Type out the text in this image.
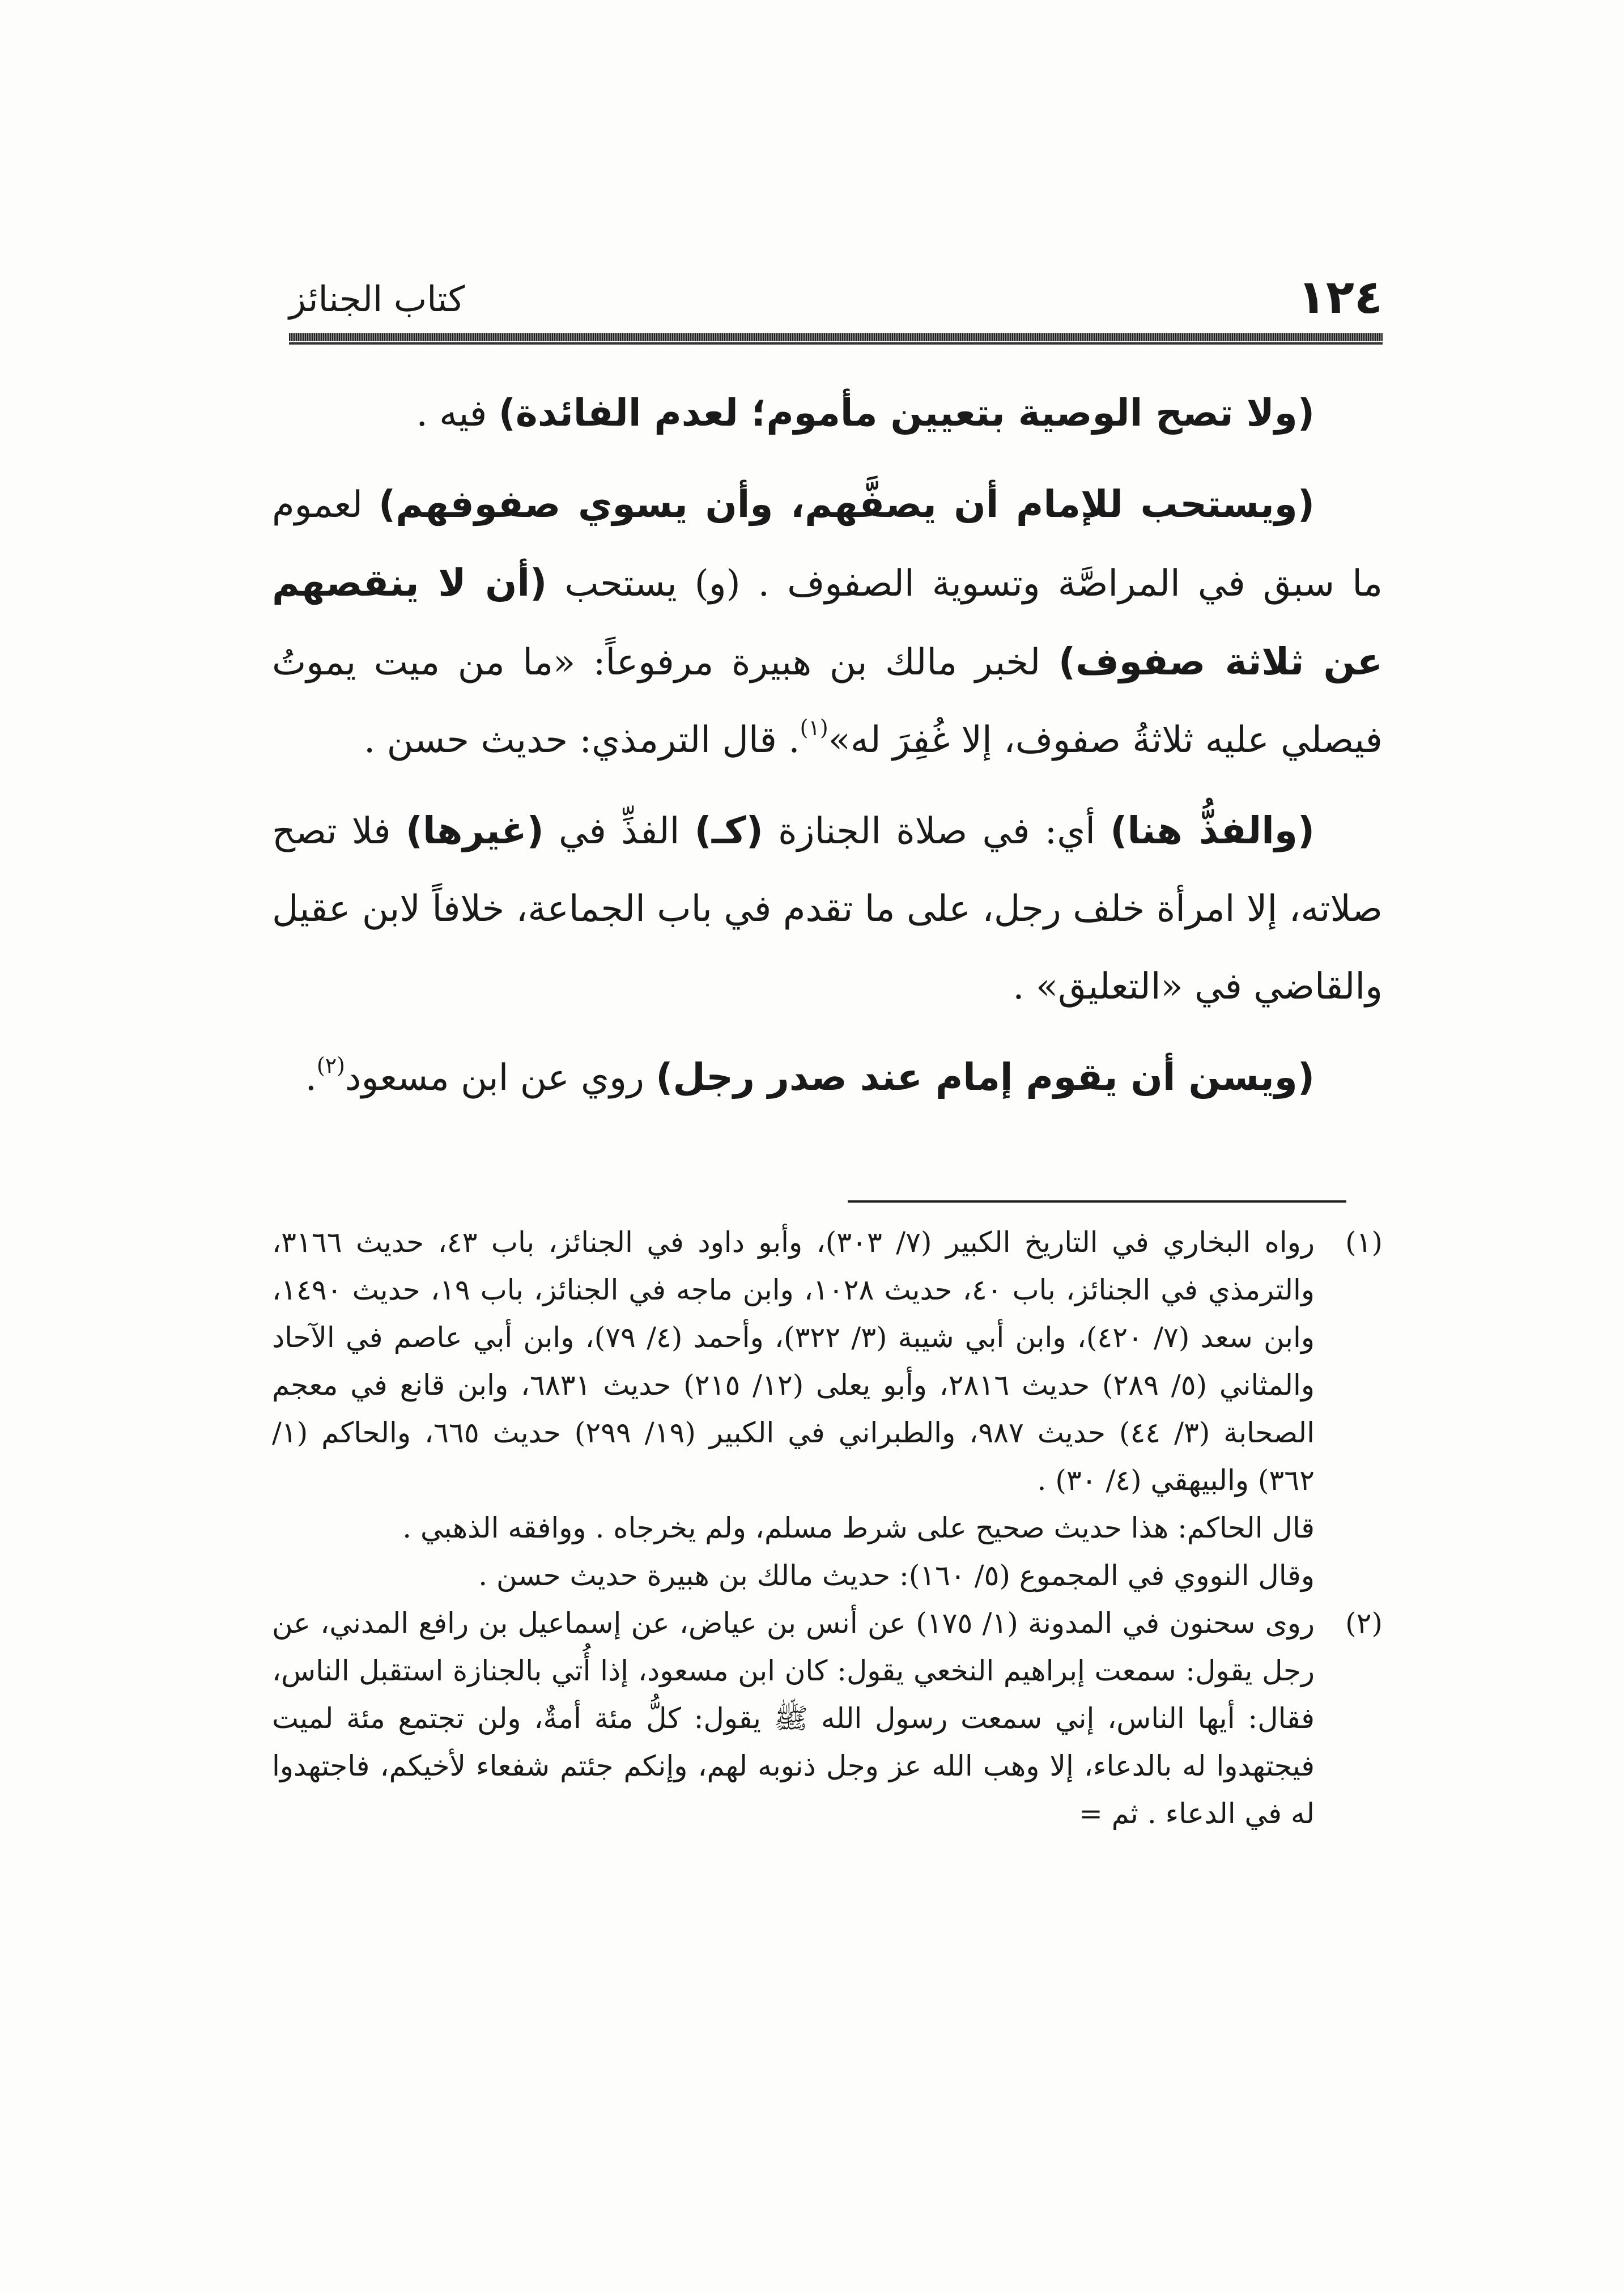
١٢٤
كتاب الجنائز

(ولا تصح الوصية بتعيين مأموم؛ لعدم الفائدة) فيه .

(ويستحب للإمام أن يصفَّهم، وأن يسوي صفوفهم) لعموم ما سبق في المراصَّة وتسوية الصفوف . (و) يستحب (أن لا ينقصهم عن ثلاثة صفوف) لخبر مالك بن هبيرة مرفوعاً: «ما من ميت يموتُ فيصلي عليه ثلاثةُ صفوف، إلا غُفِرَ له»$^{(١)}$. قال الترمذي: حديث حسن .

(والفذُّ هنا) أي: في صلاة الجنازة (كـ) الفذِّ في (غيرها) فلا تصح صلاته، إلا امرأة خلف رجل، على ما تقدم في باب الجماعة، خلافاً لابن عقيل والقاضي في «التعليق» .

(ويسن أن يقوم إمام عند صدر رجل) روي عن ابن مسعود$^{(٢)}$.

(١)

رواه البخاري في التاريخ الكبير (٧/ ٣٠٣)، وأبو داود في الجنائز، باب ٤٣، حديث ٣١٦٦، والترمذي في الجنائز، باب ٤٠، حديث ١٠٢٨، وابن ماجه في الجنائز، باب ١٩، حديث ١٤٩٠، وابن سعد (٧/ ٤٢٠)، وابن أبي شيبة (٣/ ٣٢٢)، وأحمد (٤/ ٧٩)، وابن أبي عاصم في الآحاد والمثاني (٥/ ٢٨٩) حديث ٢٨١٦، وأبو يعلى (١٢/ ٢١٥) حديث ٦٨٣١، وابن قانع في معجم الصحابة (٣/ ٤٤) حديث ٩٨٧، والطبراني في الكبير (١٩/ ٢٩٩) حديث ٦٦٥، والحاكم (١/ ٣٦٢) والبيهقي (٤/ ٣٠) .

قال الحاكم: هذا حديث صحيح على شرط مسلم، ولم يخرجاه . ووافقه الذهبي .

وقال النووي في المجموع (٥/ ١٦٠): حديث مالك بن هبيرة حديث حسن .

(٢)

روى سحنون في المدونة (١/ ١٧٥) عن أنس بن عياض، عن إسماعيل بن رافع المدني، عن رجل يقول: سمعت إبراهيم النخعي يقول: كان ابن مسعود، إذا أُتي بالجنازة استقبل الناس، فقال: أيها الناس، إني سمعت رسول الله ﷺ يقول: كلُّ مئة أمةٌ، ولن تجتمع مئة لميت فيجتهدوا له بالدعاء، إلا وهب الله عز وجل ذنوبه لهم، وإنكم جئتم شفعاء لأخيكم، فاجتهدوا له في الدعاء . ثم =
